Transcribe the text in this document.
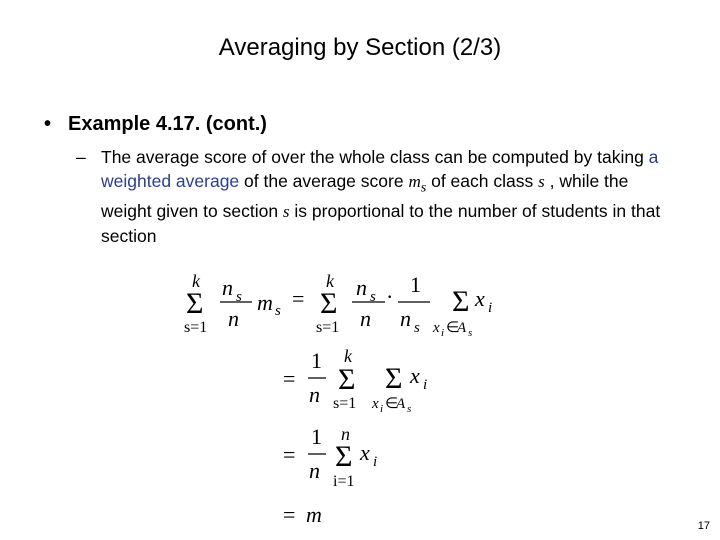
Averaging by Section (2/3)
• Example 4.17. (cont.)
– The average score of over the whole class can be computed by taking a weighted average of the average score $m_s$ of each class s , while the weight given to section s is proportional to the number of students in that section
k
Σ
s=1
n s
n
m s =
k
Σ
s=1
n s
n
· 1
n s
Σ x i
x i ∈
A s
=
1
n
k
Σ
s=1
Σ x i
x i ∈
A s
=
1
n
n
Σ
i=1
x i
= m	17
